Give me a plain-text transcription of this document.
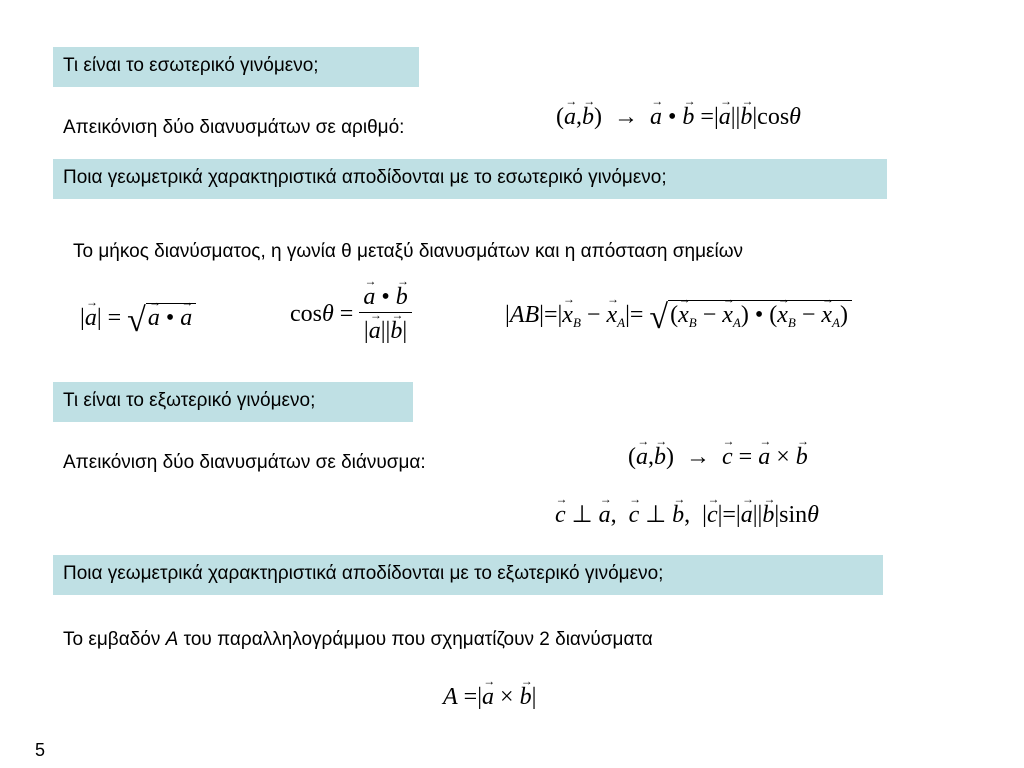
Τι είναι το εσωτερικό γινόμενο;
Απεικόνιση δύο διανυσμάτων σε αριθμό:	(→ a,→ b)  →  → a • → b =|→ a||→ b|cosθ
Ποια γεωμετρικά χαρακτηριστικά αποδίδονται με το εσωτερικό γινόμενο;
Το μήκος διανύσματος, η γωνία θ μεταξύ διανυσμάτων και η απόσταση σημείων
|→ a| = √→ a • → a	cosθ =
→ $\frac{a • \to b}{|\to a||\to b|}$	$|AB|=|\to x_B$ − → $x_A|=$ √(→ $x_B$ − → $x_A$) • (→ $x_B$ − → $x_A$)
Τι είναι το εξωτερικό γινόμενο;
Απεικόνιση δύο διανυσμάτων σε διάνυσμα:	(→ a,→ b)  →  → c = → a × → b
→ c ⊥ → a,  → c ⊥ → b,  |→ c|=|→ a||→ b|sinθ
Ποια γεωμετρικά χαρακτηριστικά αποδίδονται με το εξωτερικό γινόμενο;
Το εμβαδόν A του παραλληλογράμμου που σχηματίζουν 2 διανύσματα
A =|→ a × → b|
5
